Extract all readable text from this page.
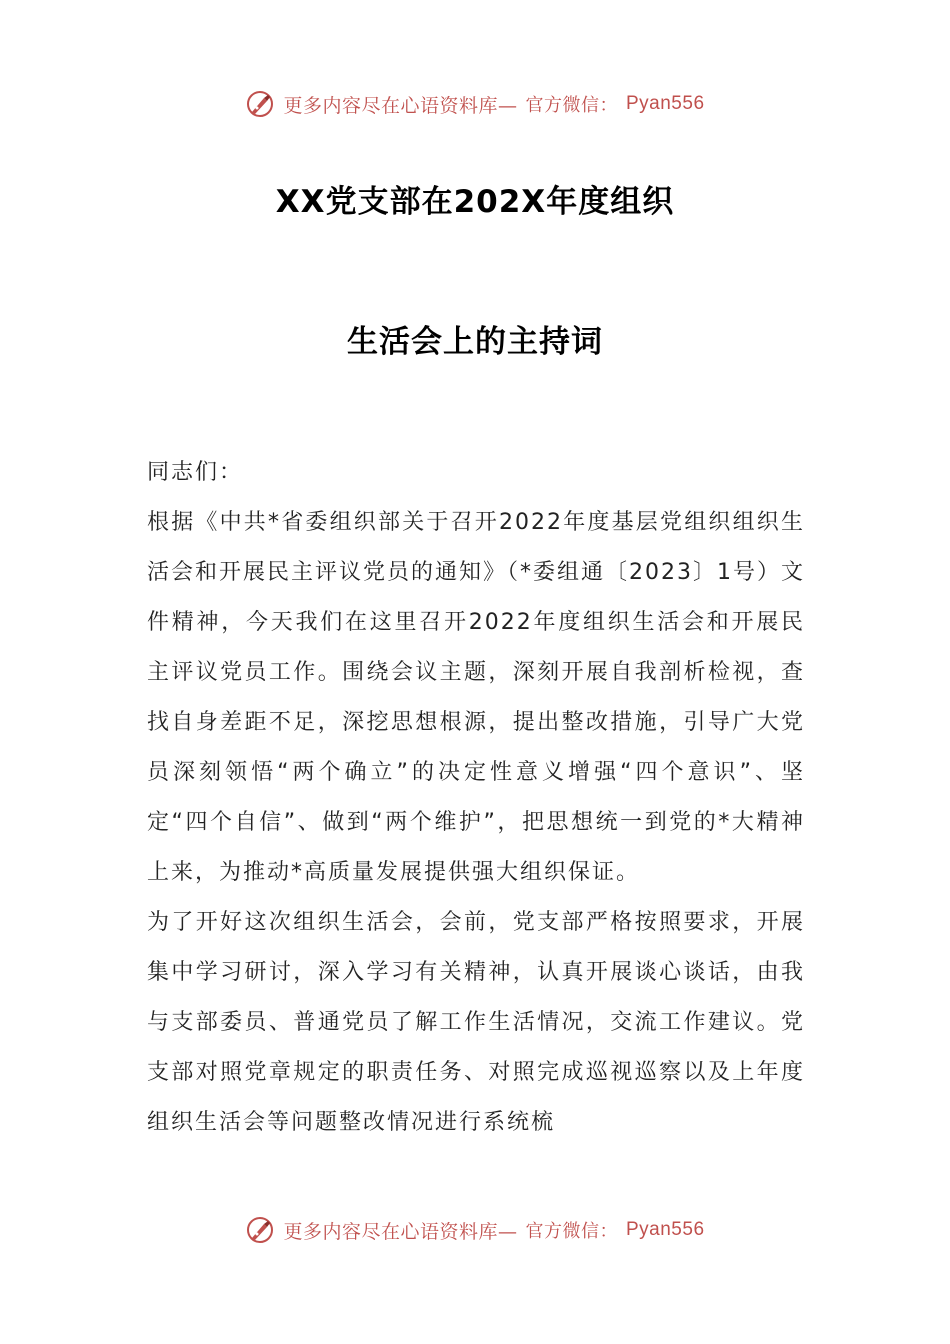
更多内容尽在心语资料库— 官方微信： Pyan556
XX党支部在202X年度组织
生活会上的主持词

同志们：

根据《中共*省委组织部关于召开2022年度基层党组织组织生活会和开展民主评议党员的通知》（*委组通〔2023〕1号）文件精神，今天我们在这里召开2022年度组织生活会和开展民主评议党员工作。围绕会议主题，深刻开展自我剖析检视，查找自身差距不足，深挖思想根源，提出整改措施，引导广大党员深刻领悟“两个确立”的决定性意义增强“四个意识”、坚定“四个自信”、做到“两个维护”，把思想统一到党的*大精神上来，为推动*高质量发展提供强大组织保证。

为了开好这次组织生活会，会前，党支部严格按照要求，开展集中学习研讨，深入学习有关精神，认真开展谈心谈话，由我与支部委员、普通党员了解工作生活情况，交流工作建议。党支部对照党章规定的职责任务、对照完成巡视巡察以及上年度组织生活会等问题整改情况进行系统梳

更多内容尽在心语资料库— 官方微信： Pyan556
